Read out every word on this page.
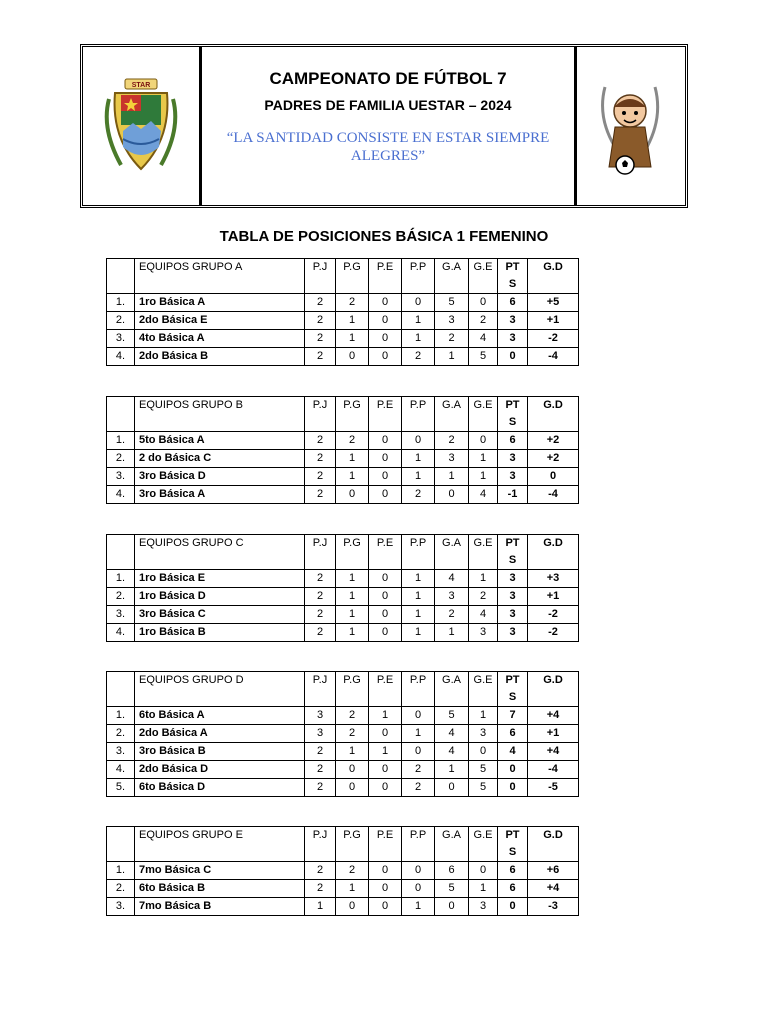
STAR	CAMPEONATO DE FÚTBOL 7
PADRES DE FAMILIA UESTAR – 2024
“LA SANTIDAD CONSISTE EN ESTAR SIEMPRE ALEGRES”
TABLA DE POSICIONES BÁSICA 1 FEMENINO
	EQUIPOS GRUPO A	P.J	P.G	P.E	P.P	G.A	G.E	PT S	G.D
1.	1ro Básica A	2	2	0	0	5	0	6	+5
2.	2do Básica E	2	1	0	1	3	2	3	+1
3.	4to Básica A	2	1	0	1	2	4	3	-2
4.	2do Básica B	2	0	0	2	1	5	0	-4
	EQUIPOS GRUPO B	P.J	P.G	P.E	P.P	G.A	G.E	PT S	G.D
1.	5to Básica A	2	2	0	0	2	0	6	+2
2.	2 do Básica C	2	1	0	1	3	1	3	+2
3.	3ro Básica D	2	1	0	1	1	1	3	0
4.	3ro Básica A	2	0	0	2	0	4	-1	-4
	EQUIPOS GRUPO C	P.J	P.G	P.E	P.P	G.A	G.E	PT S	G.D
1.	1ro Básica E	2	1	0	1	4	1	3	+3
2.	1ro Básica D	2	1	0	1	3	2	3	+1
3.	3ro Básica C	2	1	0	1	2	4	3	-2
4.	1ro Básica B	2	1	0	1	1	3	3	-2
	EQUIPOS GRUPO D	P.J	P.G	P.E	P.P	G.A	G.E	PT S	G.D
1.	6to Básica A	3	2	1	0	5	1	7	+4
2.	2do Básica A	3	2	0	1	4	3	6	+1
3.	3ro Básica B	2	1	1	0	4	0	4	+4
4.	2do Básica D	2	0	0	2	1	5	0	-4
5.	6to Básica D	2	0	0	2	0	5	0	-5
	EQUIPOS GRUPO E	P.J	P.G	P.E	P.P	G.A	G.E	PT S	G.D
1.	7mo Básica C	2	2	0	0	6	0	6	+6
2.	6to Básica B	2	1	0	0	5	1	6	+4
3.	7mo Básica B	1	0	0	1	0	3	0	-3
